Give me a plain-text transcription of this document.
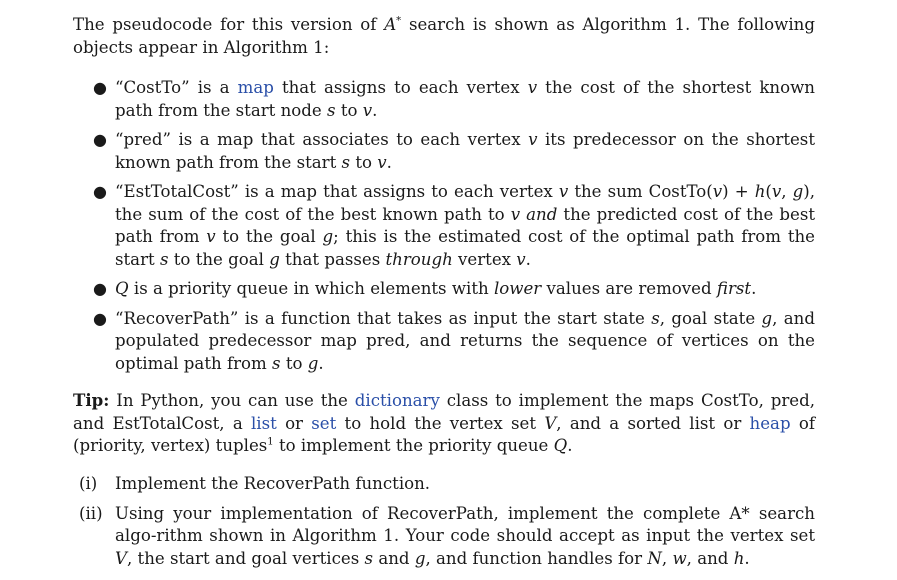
The pseudocode for this version of A* search is shown as Algorithm 1. The following objects appear in Algorithm 1:

● “CostTo” is a map that assigns to each vertex v the cost of the shortest known path from the start node s to v.
● “pred” is a map that associates to each vertex v its predecessor on the shortest known path from the start s to v.
● “EstTotalCost” is a map that assigns to each vertex v the sum CostTo(v) + h(v, g), the sum of the cost of the best known path to v and the predicted cost of the best path from v to the goal g; this is the estimated cost of the optimal path from the start s to the goal g that passes through vertex v.
● Q is a priority queue in which elements with lower values are removed first.
● “RecoverPath” is a function that takes as input the start state s, goal state g, and populated predecessor map pred, and returns the sequence of vertices on the optimal path from s to g.

Tip: In Python, you can use the dictionary class to implement the maps CostTo, pred, and EstTotalCost, a list or set to hold the vertex set V, and a sorted list or heap of (priority, vertex) tuples$^1$ to implement the priority queue Q.

(i) Implement the RecoverPath function.
(ii) Using your implementation of RecoverPath, implement the complete A* search algo-rithm shown in Algorithm 1. Your code should accept as input the vertex set V, the start and goal vertices s and g, and function handles for N, w, and h.
